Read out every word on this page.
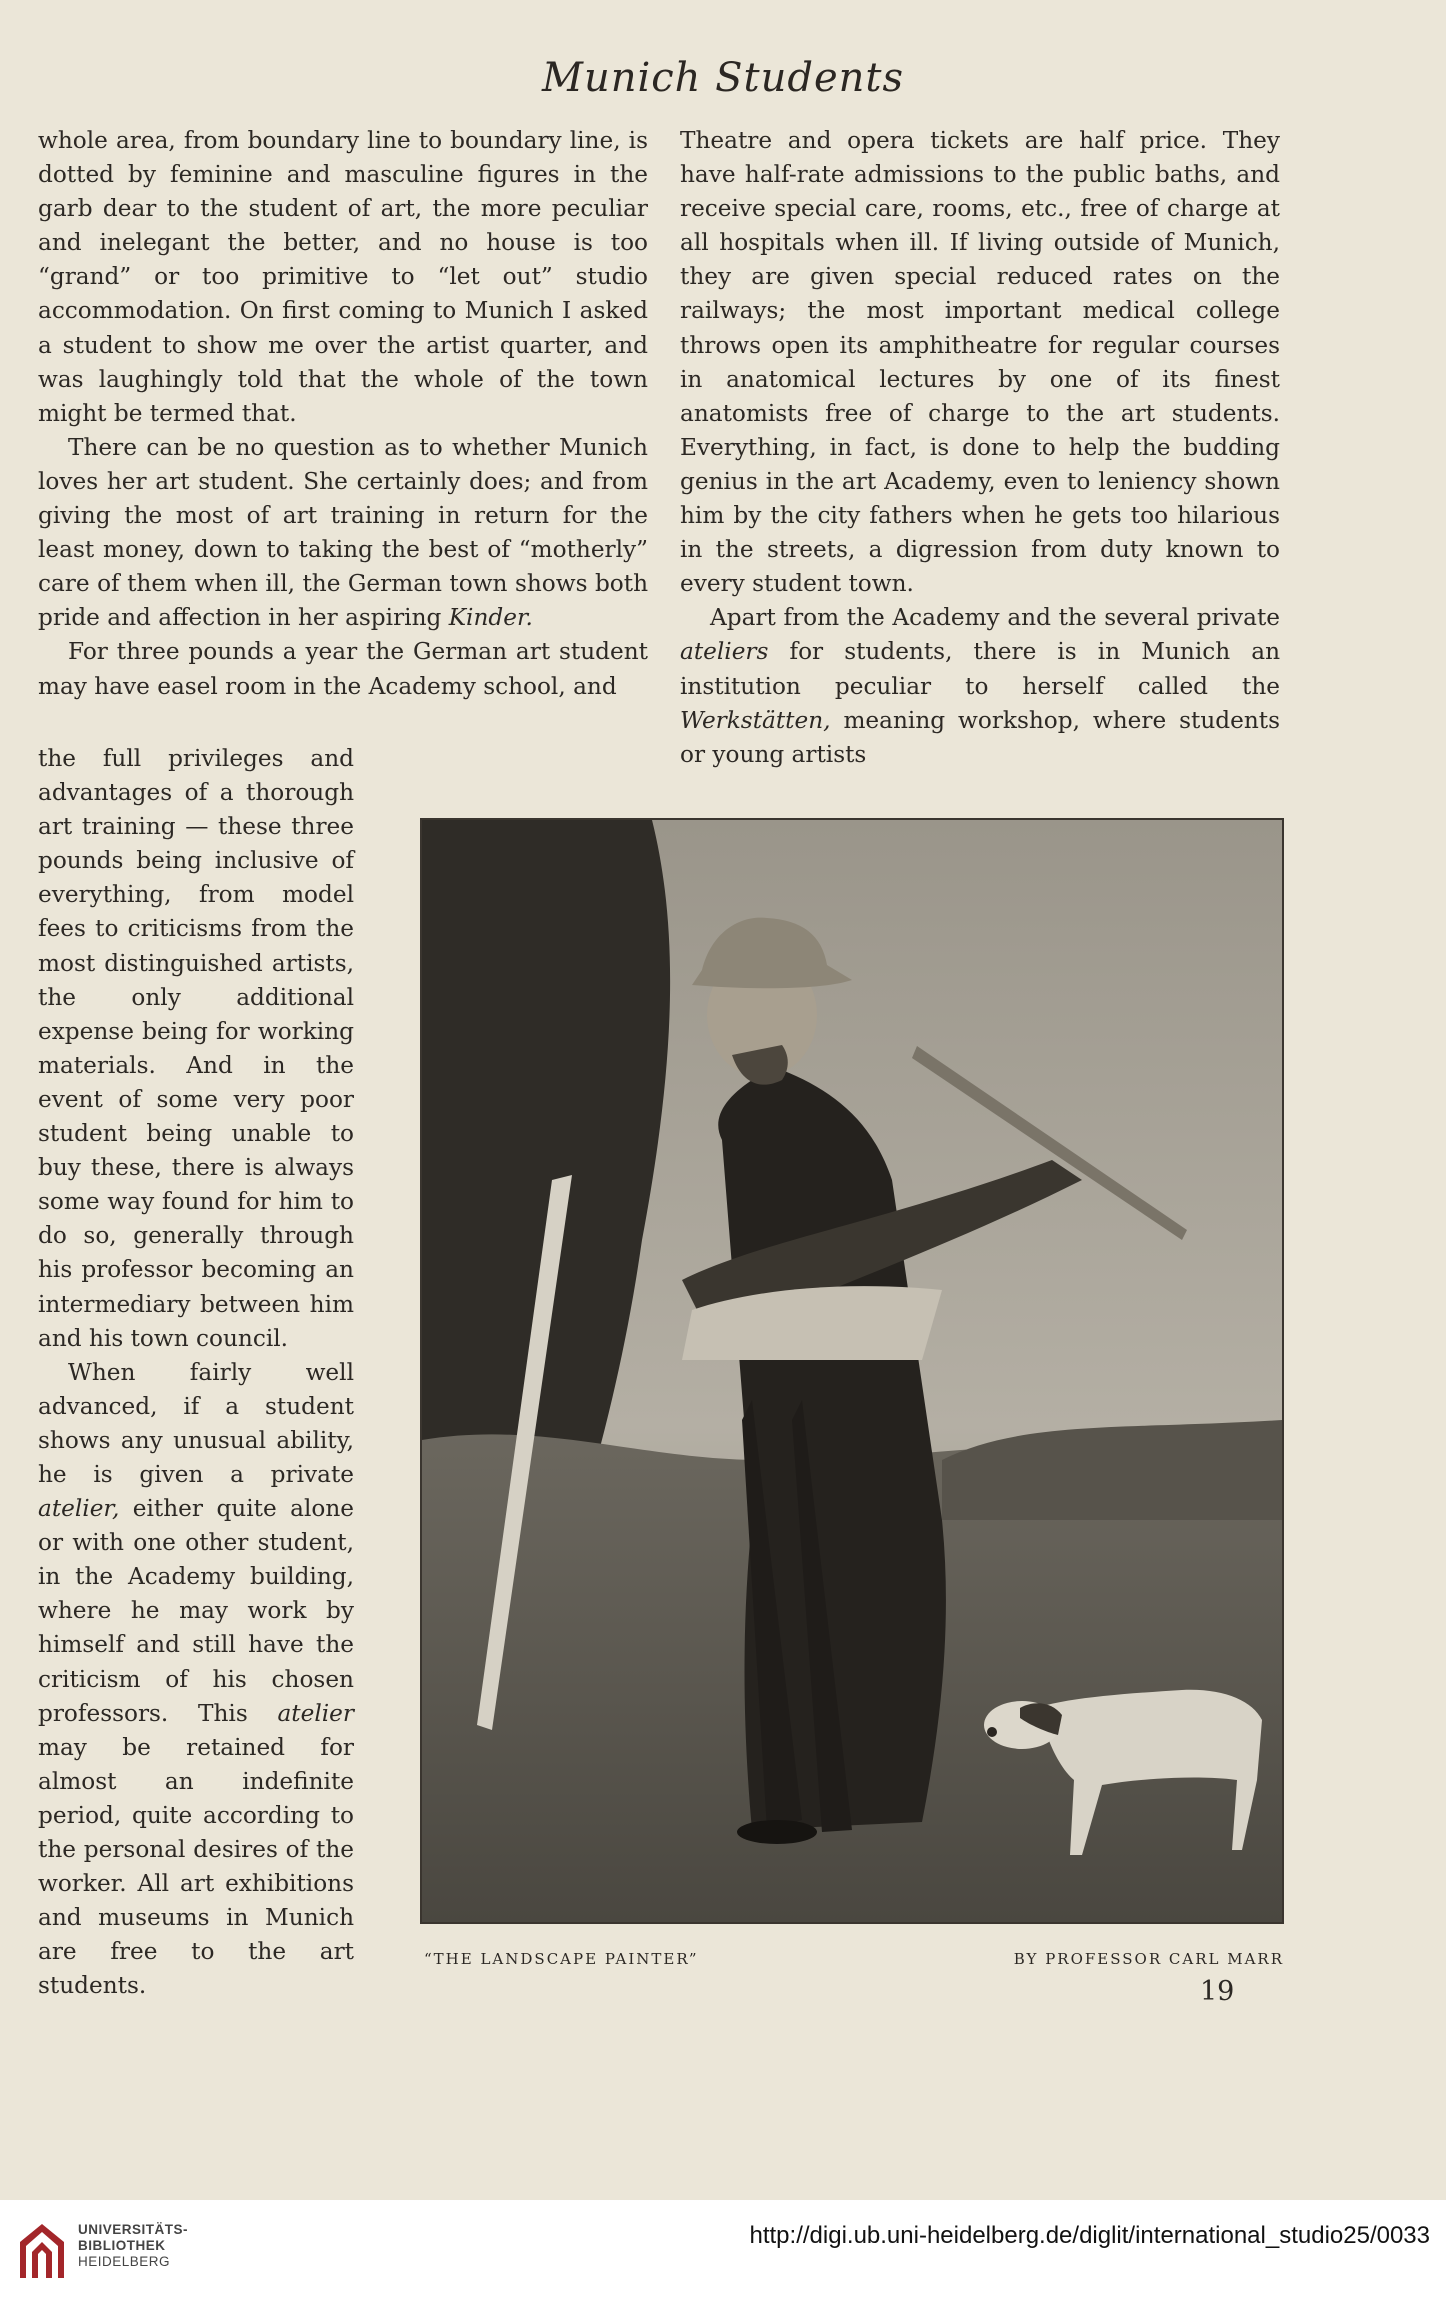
Munich Students

whole area, from boundary line to boundary line, is dotted by feminine and masculine figures in the garb dear to the student of art, the more peculiar and inelegant the better, and no house is too “grand” or too primitive to “let out” studio accommodation. On first coming to Munich I asked a student to show me over the artist quarter, and was laughingly told that the whole of the town might be termed that.

There can be no question as to whether Munich loves her art student. She certainly does; and from giving the most of art training in return for the least money, down to taking the best of “motherly” care of them when ill, the German town shows both pride and affection in her aspiring Kinder.

For three pounds a year the German art student may have easel room in the Academy school, and

Theatre and opera tickets are half price. They have half-rate admissions to the public baths, and receive special care, rooms, etc., free of charge at all hospitals when ill. If living outside of Munich, they are given special reduced rates on the railways; the most important medical college throws open its amphitheatre for regular courses in anatomical lectures by one of its finest anatomists free of charge to the art students. Everything, in fact, is done to help the budding genius in the art Academy, even to leniency shown him by the city fathers when he gets too hilarious in the streets, a digression from duty known to every student town.

Apart from the Academy and the several private ateliers for students, there is in Munich an institution peculiar to herself called the Werkstätten, meaning workshop, where students or young artists

the full privileges and advantages of a thorough art training — these three pounds being inclusive of everything, from model fees to criticisms from the most distinguished artists, the only additional expense being for working materials. And in the event of some very poor student being unable to buy these, there is always some way found for him to do so, generally through his professor becoming an intermediary between him and his town council.

When fairly well advanced, if a student shows any unusual ability, he is given a private atelier, either quite alone or with one other student, in the Academy building, where he may work by himself and still have the criticism of his chosen professors. This atelier may be retained for almost an indefinite period, quite according to the personal desires of the worker. All art exhibitions and museums in Munich are free to the art students.

“THE LANDSCAPE PAINTER”	BY PROFESSOR CARL MARR
19
UNIVERSITÄTS-
BIBLIOTHEK
HEIDELBERG
http://digi.ub.uni-heidelberg.de/diglit/international_studio25/0033
